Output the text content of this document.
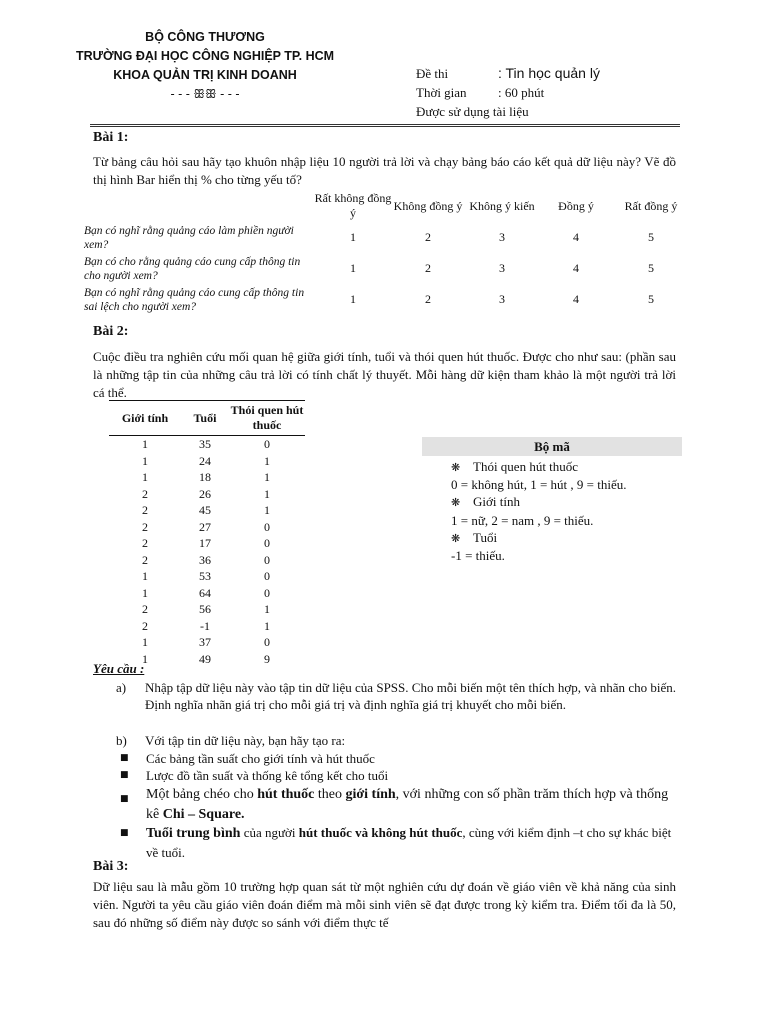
BỘ CÔNG THƯƠNG
TRƯỜNG ĐẠI HỌC CÔNG NGHIỆP TP. HCM
KHOA QUẢN TRỊ KINH DOANH
- - - ꕥꕥ - - -
Đề thi	: Tin học quản lý
Thời gian : 60 phút
Được sử dụng tài liệu
Bài 1:
Từ bảng câu hỏi sau hãy tạo khuôn nhập liệu 10 người trả lời và chạy bảng báo cáo kết quả dữ liệu này? Vẽ đồ thị hình Bar hiển thị % cho từng yếu tố?
	Rất không đồng ý	Không đồng ý	Không ý kiến	Đồng ý	Rất đồng ý
Bạn có nghĩ rằng quảng cáo làm phiền người xem?	1	2	3	4	5
Bạn có cho rằng quảng cáo cung cấp thông tin cho người xem?	1	2	3	4	5
Bạn có nghĩ rằng quảng cáo cung cấp thông tin sai lệch cho người xem?	1	2	3	4	5
Bài 2:
Cuộc điều tra nghiên cứu mối quan hệ giữa giới tính, tuổi và thói quen hút thuốc. Được cho như sau: (phần sau là những tập tin của những câu trả lời có tính chất lý thuyết. Mỗi hàng dữ kiện tham khảo là một người trả lời cá thể.
Giới tính	Tuổi	Thói quen hút thuốc
1	35	0
1	24	1
1	18	1
2	26	1
2	45	1
2	27	0
2	17	0
2	36	0
1	53	0
1	64	0
2	56	1
2	-1	1
1	37	0
1	49	9
Bộ mã
❋ Thói quen hút thuốc
0 = không hút, 1 = hút , 9 = thiếu.
❋ Giới tính
1 = nữ, 2 = nam , 9 = thiếu.
❋ Tuổi
-1 = thiếu.
Yêu cầu :
a) Nhập tập dữ liệu này vào tập tin dữ liệu của SPSS. Cho mỗi biến một tên thích hợp, và nhãn cho biến. Định nghĩa nhãn giá trị cho mỗi giá trị và định nghĩa giá trị khuyết cho mỗi biến.
b) Với tập tin dữ liệu này, bạn hãy tạo ra:
■ Các bảng tần suất cho giới tính và hút thuốc
■ Lược đồ tần suất và thống kê tổng kết cho tuổi
■ Một bảng chéo cho hút thuốc theo giới tính, với những con số phần trăm thích hợp và thống kê Chi – Square.
■ Tuổi trung bình của người hút thuốc và không hút thuốc, cùng với kiểm định –t cho sự khác biệt về tuổi.
Bài 3:
Dữ liệu sau là mẫu gồm 10 trường hợp quan sát từ một nghiên cứu dự đoán về giáo viên về khả năng của sinh viên. Người ta yêu cầu giáo viên đoán điểm mà mỗi sinh viên sẽ đạt được trong kỳ kiểm tra. Điểm tối đa là 50, sau đó những số điểm này được so sánh với điểm thực tế
